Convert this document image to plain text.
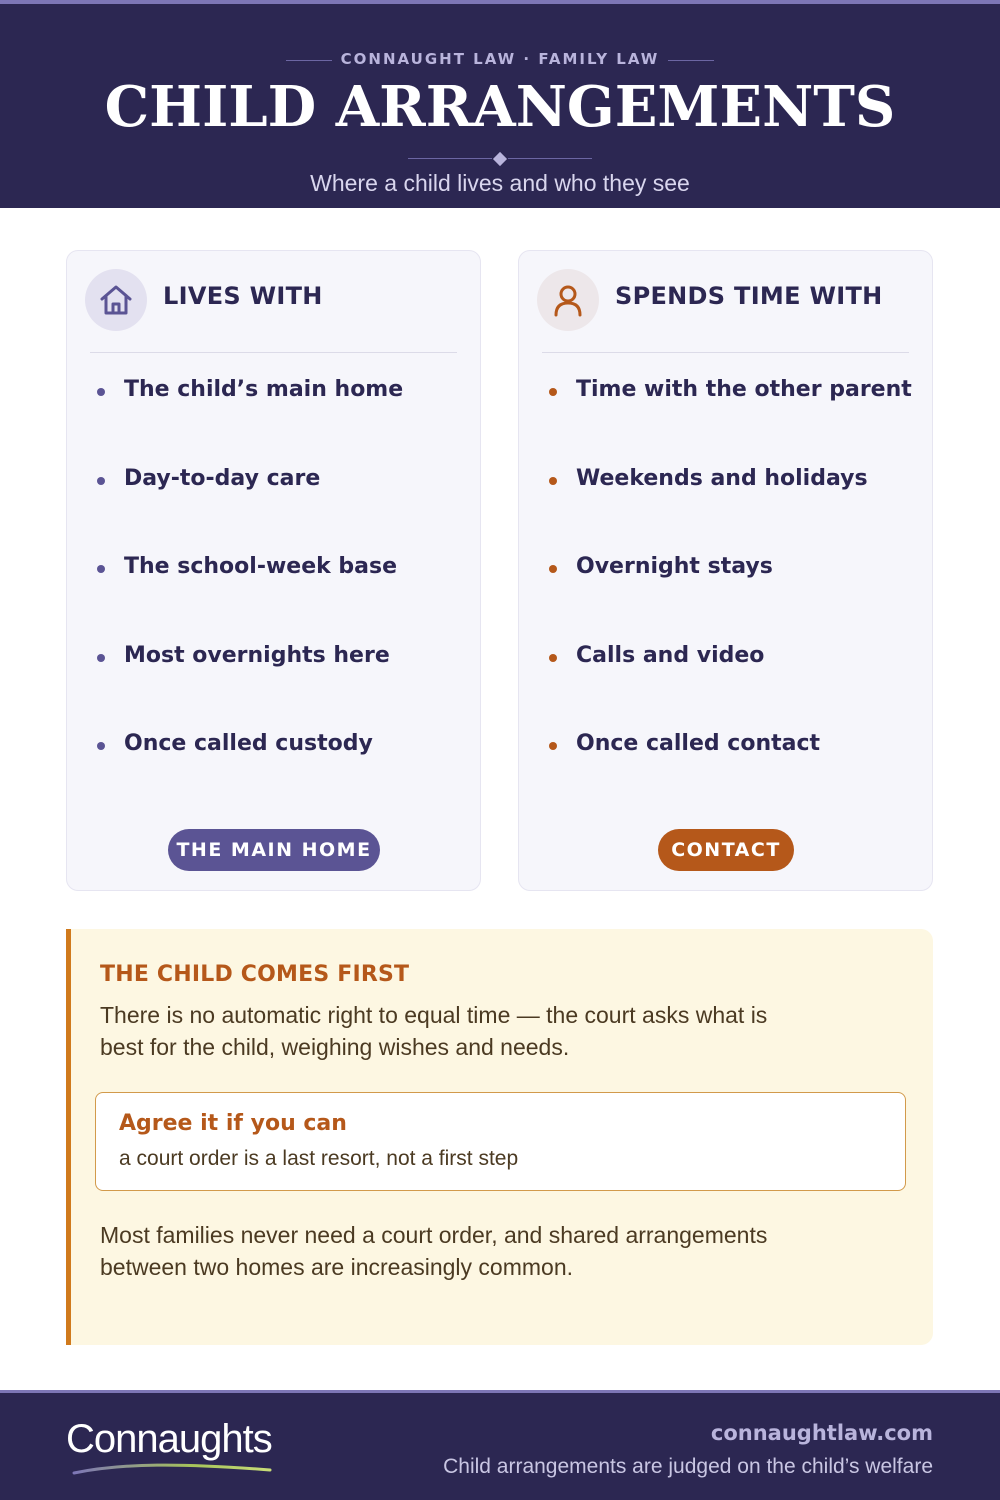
CONNAUGHT LAW · FAMILY LAW
CHILD ARRANGEMENTS
Where a child lives and who they see
LIVES WITH
The child’s main home
Day-to-day care
The school-week base
Most overnights here
Once called custody
THE MAIN HOME
SPENDS TIME WITH
Time with the other parent
Weekends and holidays
Overnight stays
Calls and video
Once called contact
CONTACT
THE CHILD COMES FIRST
There is no automatic right to equal time — the court asks what is best for the child, weighing wishes and needs.
Agree it if you can
a court order is a last resort, not a first step
Most families never need a court order, and shared arrangements between two homes are increasingly common.
Connaughts	connaughtlaw.com
Child arrangements are judged on the child’s welfare
